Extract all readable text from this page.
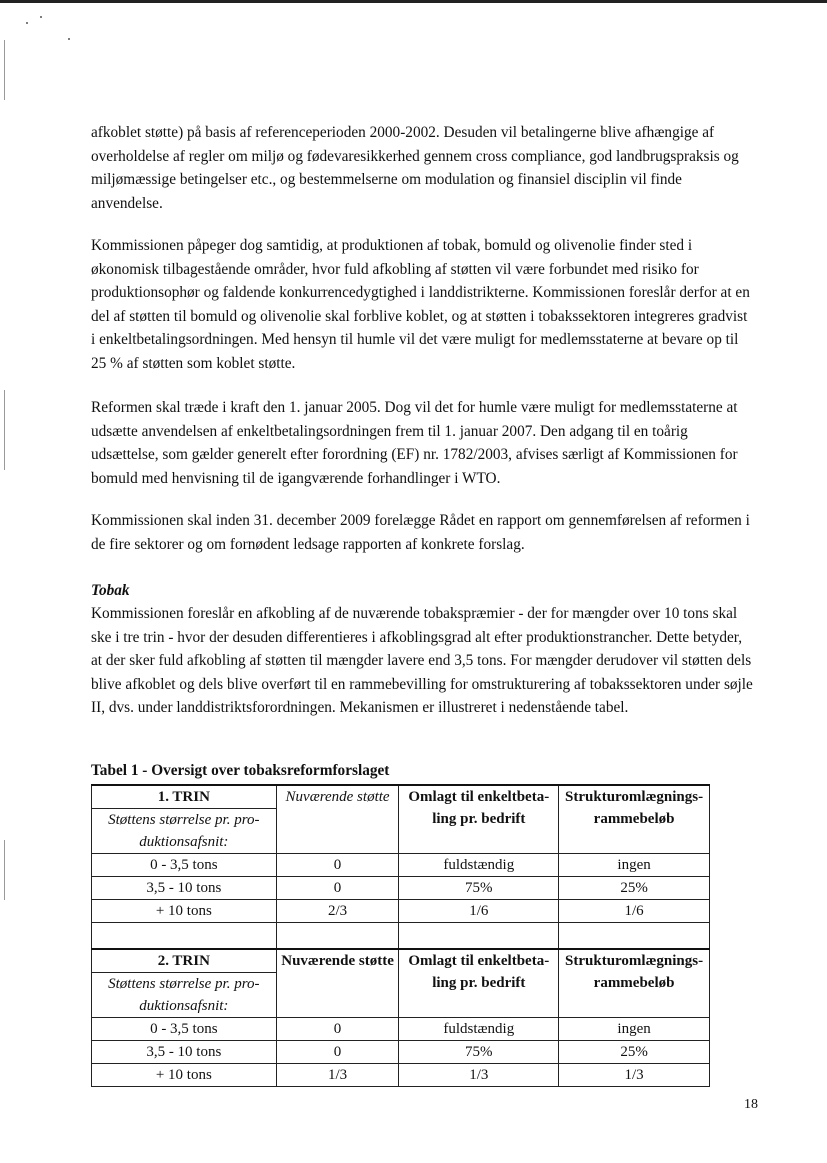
afkoblet støtte) på basis af referenceperioden 2000-2002. Desuden vil betalingerne blive afhængige af overholdelse af regler om miljø og fødevaresikkerhed gennem cross compliance, god landbrugspraksis og miljømæssige betingelser etc., og bestemmelserne om modulation og finansiel disciplin vil finde anvendelse.

Kommissionen påpeger dog samtidig, at produktionen af tobak, bomuld og olivenolie finder sted i økonomisk tilbagestående områder, hvor fuld afkobling af støtten vil være forbundet med risiko for produktionsophør og faldende konkurrencedygtighed i landdistrikterne. Kommissionen foreslår derfor at en del af støtten til bomuld og olivenolie skal forblive koblet, og at støtten i tobakssektoren integreres gradvist i enkeltbetalingsordningen. Med hensyn til humle vil det være muligt for medlemsstaterne at bevare op til 25 % af støtten som koblet støtte.

Reformen skal træde i kraft den 1. januar 2005. Dog vil det for humle være muligt for medlemsstaterne at udsætte anvendelsen af enkeltbetalingsordningen frem til 1. januar 2007. Den adgang til en toårig udsættelse, som gælder generelt efter forordning (EF) nr. 1782/2003, afvises særligt af Kommissionen for bomuld med henvisning til de igangværende forhandlinger i WTO.

Kommissionen skal inden 31. december 2009 forelægge Rådet en rapport om gennemførelsen af reformen i de fire sektorer og om fornødent ledsage rapporten af konkrete forslag.

Tobak

Kommissionen foreslår en afkobling af de nuværende tobakspræmier - der for mængder over 10 tons skal ske i tre trin - hvor der desuden differentieres i afkoblingsgrad alt efter produktionstrancher. Dette betyder, at der sker fuld afkobling af støtten til mængder lavere end 3,5 tons. For mængder derudover vil støtten dels blive afkoblet og dels blive overført til en rammebevilling for omstrukturering af tobakssektoren under søjle II, dvs. under landdistriktsforordningen. Mekanismen er illustreret i nedenstående tabel.

Tabel 1 - Oversigt over tobaksreformforslaget
1. TRIN	Nuværende støtte	Omlagt til enkeltbetaling pr. bedrift	Strukturomlægnings-rammebeløb
Støttens størrelse pr. produktionsafsnit:			
0 - 3,5 tons	0	fuldstændig	ingen
3,5 - 10 tons	0	75%	25%
+ 10 tons	2/3	1/6	1/6

2. TRIN	Nuværende støtte	Omlagt til enkeltbetaling pr. bedrift	Strukturomlægnings-rammebeløb
Støttens størrelse pr. produktionsafsnit:			
0 - 3,5 tons	0	fuldstændig	ingen
3,5 - 10 tons	0	75%	25%
+ 10 tons	1/3	1/3	1/3
18
